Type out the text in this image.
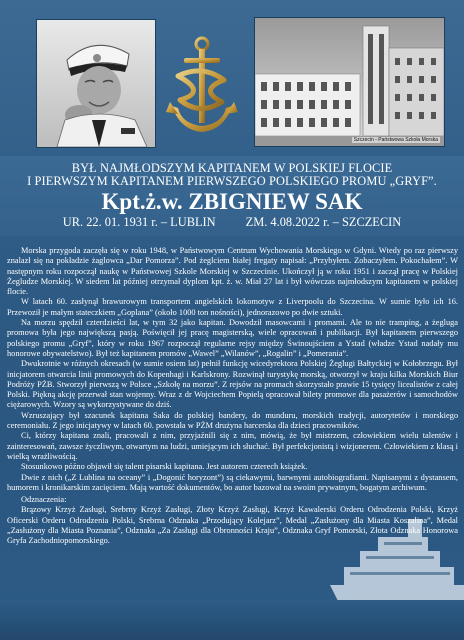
Szczecin - Państwowa Szkoła Morska
BYŁ NAJMŁODSZYM KAPITANEM W POLSKIEJ FLOCIE
I PIERWSZYM KAPITANEM PIERWSZEGO POLSKIEGO PROMU „GRYF”.
Kpt.ż.w. ZBIGNIEW SAK
UR. 22. 01. 1931 r. – LUBLIN ZM. 4.08.2022 r. – SZCZECIN

Morska przygoda zaczęła się w roku 1948, w Państwowym Centrum Wychowania Morskiego w Gdyni. Wtedy po raz pierwszy znalazł się na pokładzie żaglowca „Dar Pomorza”. Pod żeglciem białej fregaty napisał: „Przybyłem. Zobaczyłem. Pokochałem”. W następnym roku rozpoczął naukę w Państwowej Szkole Morskiej w Szczecinie. Ukończył ją w roku 1951 i zaczął pracę w Polskiej Żegludze Morskiej. W siedem lat później otrzymał dyplom kpt. ż. w. Miał 27 lat i był wówczas najmłodszym kapitanem w polskiej flocie.

W latach 60. zasłynął brawurowym transportem angielskich lokomotyw z Liverpoolu do Szczecina. W sumie było ich 16. Przewoził je małym stateczkiem „Goplana” (około 1000 ton nośności), jednorazowo po dwie sztuki.

Na morzu spędził czterdzieści lat, w tym 32 jako kapitan. Dowodził masowcami i promami. Ale to nie tramping, a żegluga promowa była jego największą pasją. Poświęcił jej pracę magisterską, wiele opracowań i publikacji. Był kapitanem pierwszego polskiego promu „Gryf”, który w roku 1967 rozpoczął regularne rejsy między Świnoujściem a Ystad (władze Ystad nadały mu honorowe obywatelstwo). Był też kapitanem promów „Wawel” „Wilanów”, „Rogalin” i „Pomerania”.

Dwukrotnie w różnych okresach (w sumie osiem lat) pełnił funkcję wicedyrektora Polskiej Żeglugi Bałtyckiej w Kołobrzegu. Był inicjatorem otwarcia linii promowych do Kopenhagi i Karlskrony. Rozwinął turystykę morską, otworzył w kraju kilka Morskich Biur Podróży PŻB. Stworzył pierwszą w Polsce „Szkołę na morzu”. Z rejsów na promach skorzystało prawie 15 tysięcy licealistów z całej Polski. Piękną akcję przerwał stan wojenny. Wraz z dr Wojciechem Popielą opracował bilety promowe dla pasażerów i samochodów ciężarowych. Wzory są wykorzystywane do dziś.

Wzruszający był szacunek kapitana Saka do polskiej bandery, do munduru, morskich tradycji, autorytetów i morskiego ceremoniału. Z jego inicjatywy w latach 60. powstała w PŻM drużyna harcerska dla dzieci pracowników.

Ci, którzy kapitana znali, pracowali z nim, przyjaźnili się z nim, mówią, że był mistrzem, człowiekiem wielu talentów i zainteresowań, zawsze życzliwym, otwartym na ludzi, umiejącym ich słuchać. Był perfekcjonistą i wizjonerem. Człowiekiem z klasą i wielką wrażliwością.

Stosunkowo późno objawił się talent pisarski kapitana. Jest autorem czterech książek.

Dwie z nich („Z Lublina na oceany” i „Dogonić horyzont”) są ciekawymi, barwnymi autobiografiami. Napisanymi z dystansem, humorem i kronikarskim zacięciem. Mają wartość dokumentów, bo autor bazował na swoim prywatnym, bogatym archiwum.

Odznaczenia:

Brązowy Krzyż Zasługi, Srebrny Krzyż Zasługi, Złoty Krzyż Zasługi, Krzyż Kawalerski Orderu Odrodzenia Polski, Krzyż Oficerski Orderu Odrodzenia Polski, Srebrna Odznaka „Przodujący Kolejarz”, Medal „Zasłużony dla Miasta Koszalina”, Medal „Zasłużony dla Miasta Poznania”, Odznaka „Za Zasługi dla Obronności Kraju”, Odznaka Gryf Pomorski, Złota Odznaka Honorowa Gryfa Zachodniopomorskiego.
